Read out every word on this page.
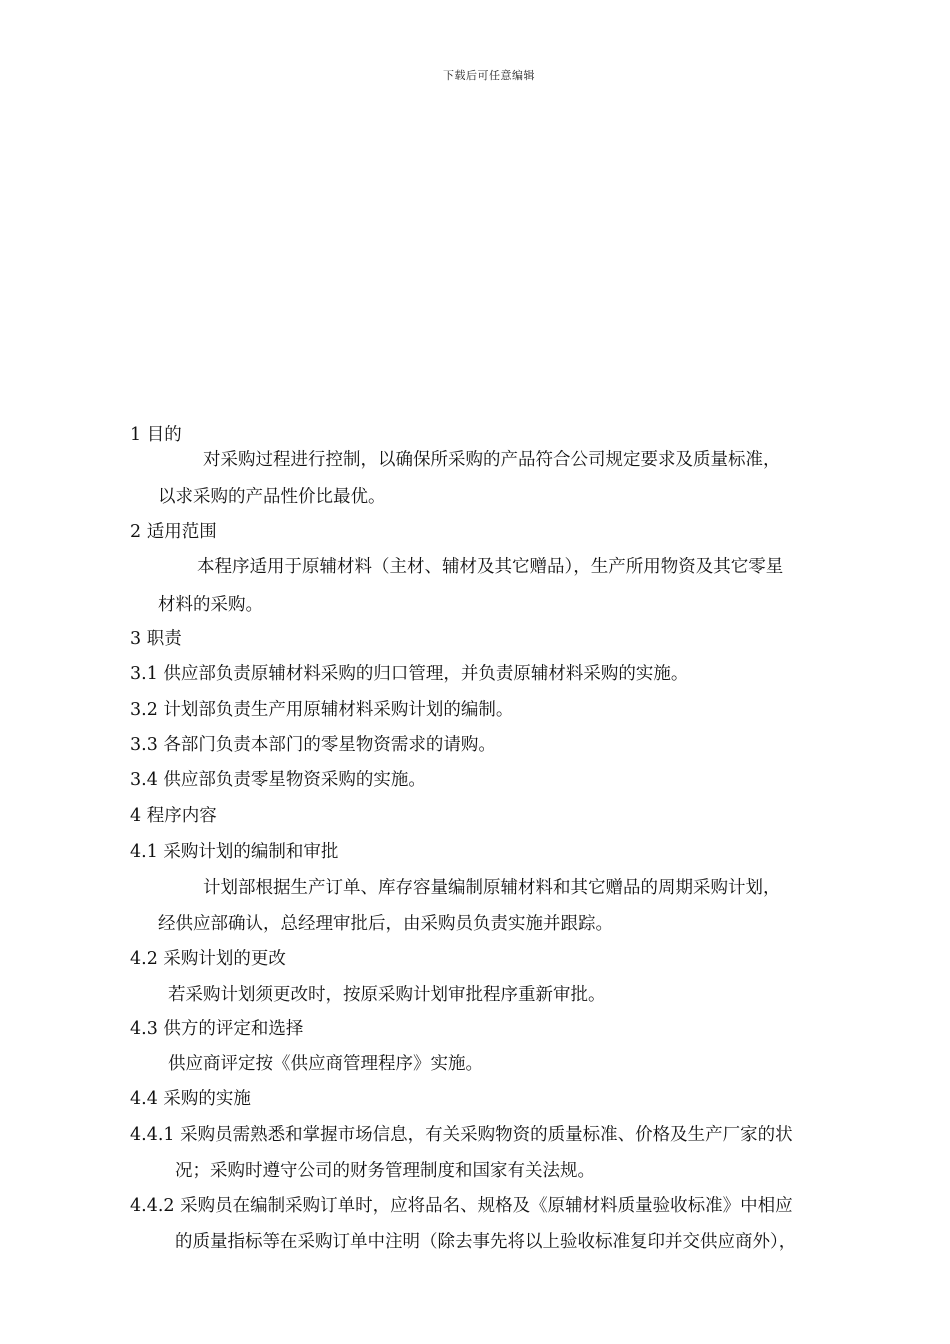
下载后可任意编辑
1 目的
对采购过程进行控制，以确保所采购的产品符合公司规定要求及质量标准，
以求采购的产品性价比最优。
2 适用范围
本程序适用于原辅材料（主材、辅材及其它赠品），生产所用物资及其它零星
材料的采购。
3 职责
3.1 供应部负责原辅材料采购的归口管理，并负责原辅材料采购的实施。
3.2 计划部负责生产用原辅材料采购计划的编制。
3.3 各部门负责本部门的零星物资需求的请购。
3.4 供应部负责零星物资采购的实施。
4 程序内容
4.1 采购计划的编制和审批
计划部根据生产订单、库存容量编制原辅材料和其它赠品的周期采购计划，
经供应部确认，总经理审批后，由采购员负责实施并跟踪。
4.2 采购计划的更改
若采购计划须更改时，按原采购计划审批程序重新审批。
4.3 供方的评定和选择
供应商评定按《供应商管理程序》实施。
4.4 采购的实施
4.4.1 采购员需熟悉和掌握市场信息，有关采购物资的质量标准、价格及生产厂家的状
况；采购时遵守公司的财务管理制度和国家有关法规。
4.4.2 采购员在编制采购订单时，应将品名、规格及《原辅材料质量验收标准》中相应
的质量指标等在采购订单中注明（除去事先将以上验收标准复印并交供应商外），
